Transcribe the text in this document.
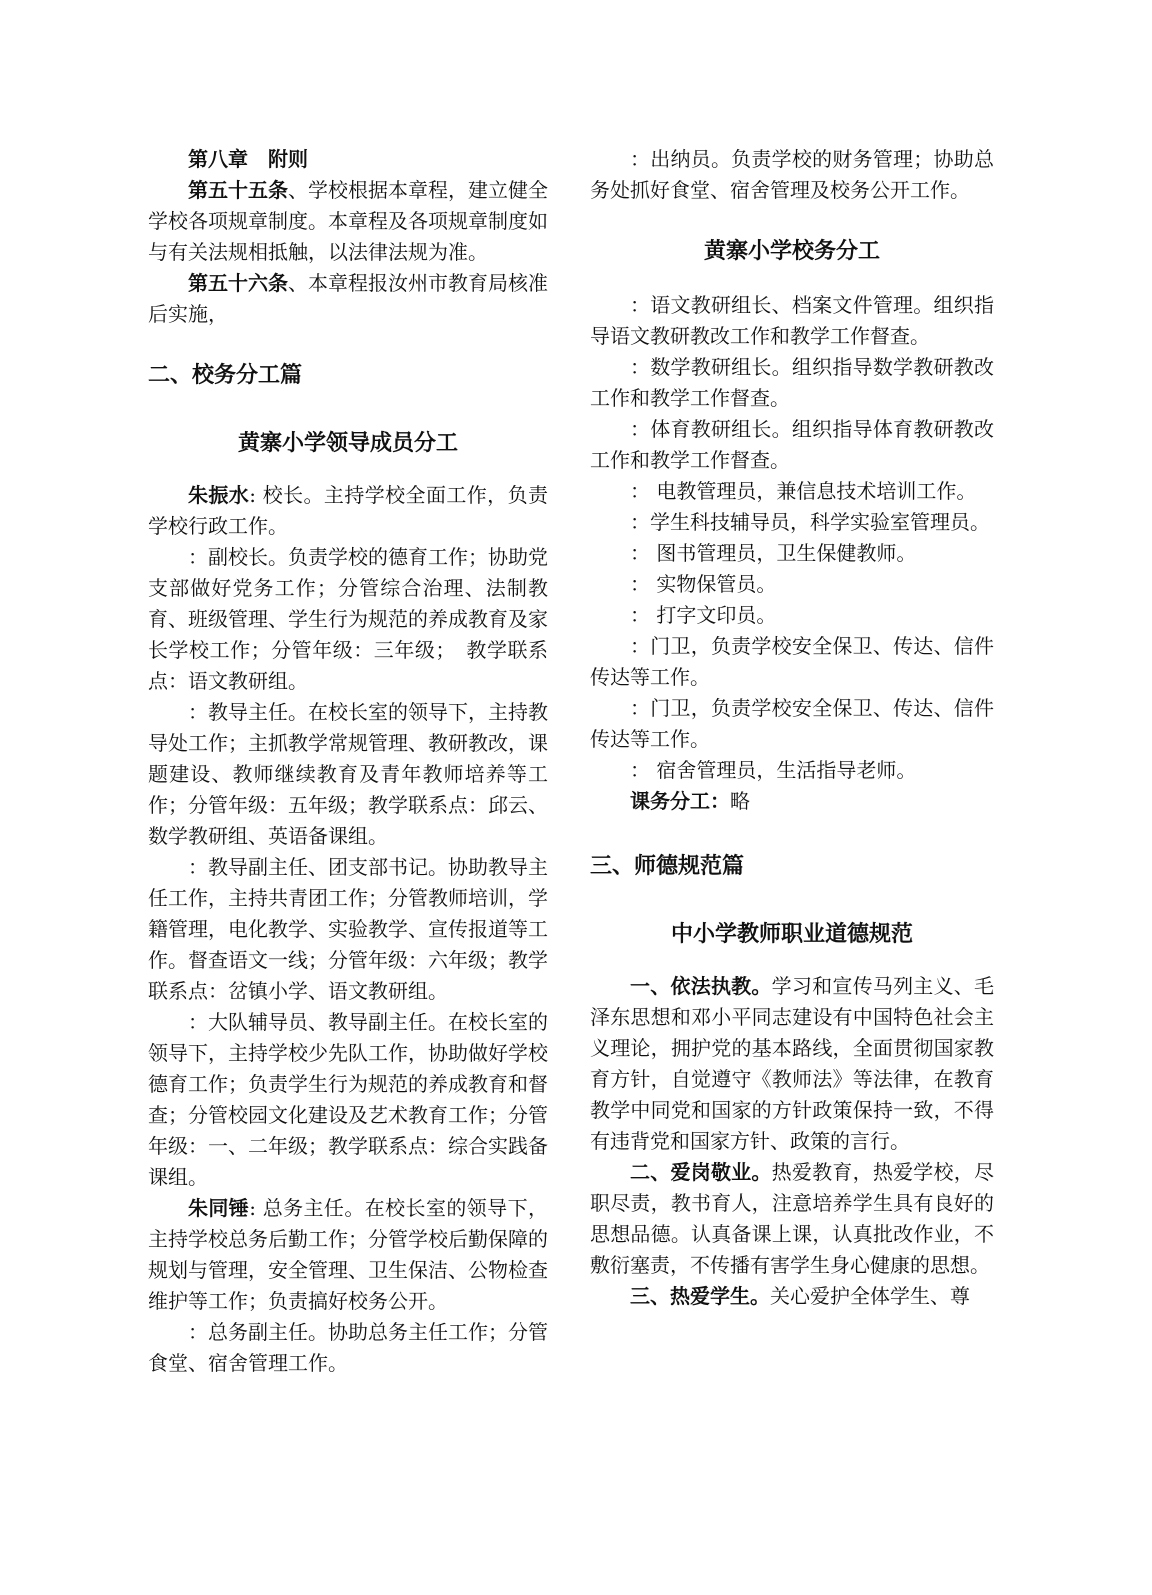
第八章　附则

第五十五条、学校根据本章程，建立健全学校各项规章制度。本章程及各项规章制度如与有关法规相抵触，以法律法规为准。

第五十六条、本章程报汝州市教育局核准后实施，

二、校务分工篇
黄寨小学领导成员分工

朱振水: 校长。主持学校全面工作，负责学校行政工作。

：副校长。负责学校的德育工作；协助党支部做好党务工作；分管综合治理、法制教育、班级管理、学生行为规范的养成教育及家长学校工作；分管年级：三年级；　教学联系点：语文教研组。

：教导主任。在校长室的领导下，主持教导处工作；主抓教学常规管理、教研教改，课题建设、教师继续教育及青年教师培养等工作；分管年级：五年级；教学联系点：邱云、数学教研组、英语备课组。

：教导副主任、团支部书记。协助教导主任工作，主持共青团工作；分管教师培训，学籍管理，电化教学、实验教学、宣传报道等工作。督查语文一线；分管年级：六年级；教学联系点：岔镇小学、语文教研组。

：大队辅导员、教导副主任。在校长室的领导下，主持学校少先队工作，协助做好学校德育工作；负责学生行为规范的养成教育和督查；分管校园文化建设及艺术教育工作；分管年级：一、二年级；教学联系点：综合实践备课组。

朱同锤: 总务主任。在校长室的领导下，主持学校总务后勤工作；分管学校后勤保障的规划与管理，安全管理、卫生保洁、公物检查维护等工作；负责搞好校务公开。

：总务副主任。协助总务主任工作；分管食堂、宿舍管理工作。

：出纳员。负责学校的财务管理；协助总务处抓好食堂、宿舍管理及校务公开工作。

黄寨小学校务分工

：语文教研组长、档案文件管理。组织指导语文教研教改工作和教学工作督查。

：数学教研组长。组织指导数学教研教改工作和教学工作督查。

：体育教研组长。组织指导体育教研教改工作和教学工作督查。

： 电教管理员，兼信息技术培训工作。

：学生科技辅导员，科学实验室管理员。

： 图书管理员，卫生保健教师。

： 实物保管员。

： 打字文印员。

：门卫，负责学校安全保卫、传达、信件传达等工作。

：门卫，负责学校安全保卫、传达、信件传达等工作。

： 宿舍管理员，生活指导老师。

课务分工：略

三、师德规范篇
中小学教师职业道德规范

一、依法执教。学习和宣传马列主义、毛泽东思想和邓小平同志建设有中国特色社会主义理论，拥护党的基本路线，全面贯彻国家教育方针，自觉遵守《教师法》等法律，在教育教学中同党和国家的方针政策保持一致，不得有违背党和国家方针、政策的言行。

二、爱岗敬业。热爱教育，热爱学校，尽职尽责，教书育人，注意培养学生具有良好的思想品德。认真备课上课，认真批改作业，不敷衍塞责，不传播有害学生身心健康的思想。

三、热爱学生。关心爱护全体学生、尊
